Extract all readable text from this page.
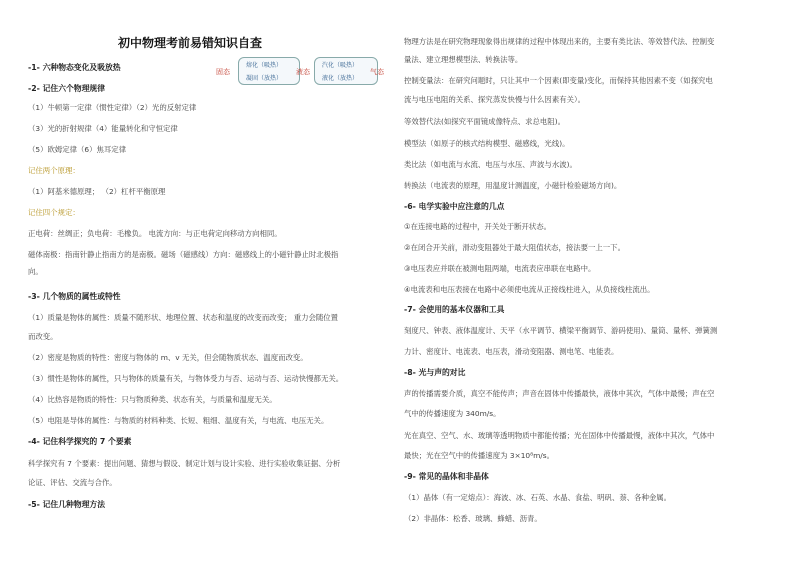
初中物理考前易错知识自查
固态
熔化（吸热）
凝固（放热）
液态
汽化（吸热）
液化（放热）
气态
-1- 六种物态变化及吸放热
-2- 记住六个物理规律
（1）牛顿第一定律（惯性定律）（2）光的反射定律
（3）光的折射规律（4）能量转化和守恒定律
（5）欧姆定律（6）焦耳定律
记住两个原理：
（1）阿基米德原理； （2）杠杆平衡原理
记住四个规定：
正电荷：丝绸正；负电荷：毛橡负。 电流方向：与正电荷定向移动方向相同。
磁体南极：指南针静止指南方的是南极。磁场（磁感线）方向：磁感线上的小磁针静止时北极指
向。
-3- 几个物质的属性或特性
（1）质量是物体的属性：质量不随形状、地理位置、状态和温度的改变而改变； 重力会随位置
而改变。
（2）密度是物质的特性：密度与物体的 m、v 无关，但会随物质状态、温度而改变。
（3）惯性是物体的属性，只与物体的质量有关，与物体受力与否、运动与否、运动快慢都无关。
（4）比热容是物质的特性：只与物质种类、状态有关，与质量和温度无关。
（5）电阻是导体的属性：与物质的材料种类、长短、粗细、温度有关，与电流、电压无关。
-4- 记住科学探究的 7 个要素
科学探究有 7 个要素：提出问题、猜想与假设、制定计划与设计实验、进行实验收集证据、分析
论证、评估、交流与合作。
-5- 记住几种物理方法
物理方法是在研究物理现象得出规律的过程中体现出来的，主要有类比法、等效替代法、控制变
量法、建立理想模型法、转换法等。
控制变量法：在研究问题时，只让其中一个因素(即变量)变化，而保持其他因素不变（如探究电
流与电压电阻的关系、探究蒸发快慢与什么因素有关）。
等效替代法(如探究平面镜成像特点、求总电阻)。
模型法（如原子的核式结构模型、磁感线，光线)。
类比法（如电流与水流、电压与水压、声波与水波)。
转换法（电流表的原理，用温度计测温度，小磁针检验磁场方向)。
-6- 电学实验中应注意的几点
①在连接电路的过程中，开关处于断开状态。
②在闭合开关前，滑动变阻器处于最大阻值状态，接法要一上一下。
③电压表应并联在被测电阻两端，电流表应串联在电路中。
④电流表和电压表接在电路中必须使电流从正接线柱进入，从负接线柱流出。
-7- 会使用的基本仪器和工具
刻度尺、钟表、液体温度计、天平（水平调节、横梁平衡调节、游码使用)、量筒、量杯、弹簧测
力计、密度计、电流表、电压表，滑动变阻器、测电笔、电能表。
-8- 光与声的对比
声的传播需要介质，真空不能传声；声音在固体中传播最快，液体中其次，气体中最慢；声在空
气中的传播速度为 340m/s。
光在真空、空气、水、玻璃等透明物质中都能传播；光在固体中传播最慢，液体中其次，气体中
最快；光在空气中的传播速度为 3×10⁸m/s。
-9- 常见的晶体和非晶体
（1）晶体（有一定熔点）：海波、冰、石英、水晶、食盐、明矾、萘、各种金属。
（2）非晶体：松香、玻璃、蜂蜡、沥青。
